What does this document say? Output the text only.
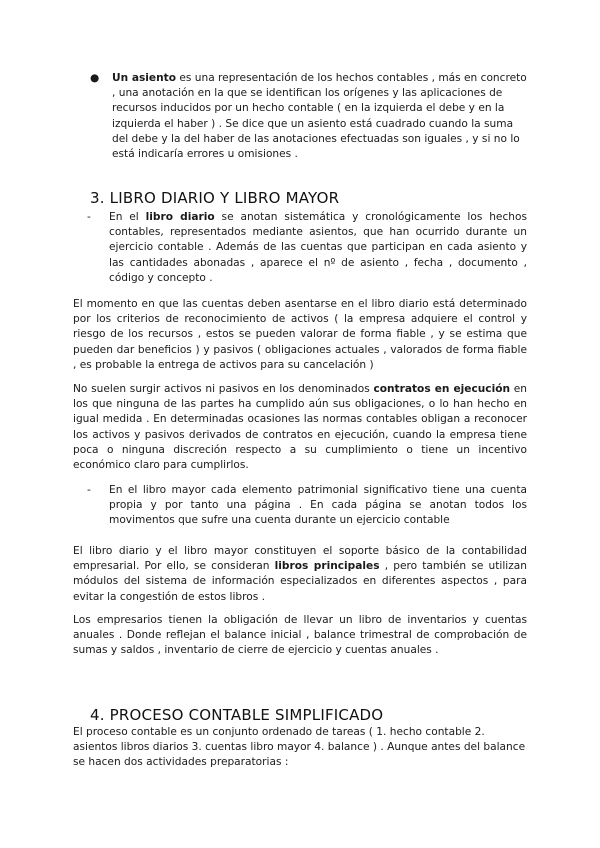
●	Un asiento es una representación de los hechos contables , más en concreto , una anotación en la que se identifican los orígenes y las aplicaciones de recursos inducidos por un hecho contable ( en la izquierda el debe y en la izquierda el haber ) . Se dice que un asiento está cuadrado cuando la suma del debe y la del haber de las anotaciones efectuadas son iguales , y si no lo está indicaría errores u omisiones .
3. LIBRO DIARIO Y LIBRO MAYOR
-	En el libro diario se anotan sistemática y cronológicamente los hechos contables, representados mediante asientos, que han ocurrido durante un ejercicio contable . Además de las cuentas que participan en cada asiento y las cantidades abonadas , aparece el nº de asiento , fecha , documento , código y concepto .

El momento en que las cuentas deben asentarse en el libro diario está determinado por los criterios de reconocimiento de activos ( la empresa adquiere el control y riesgo de los recursos , estos se pueden valorar de forma fiable , y se estima que pueden dar beneficios ) y pasivos ( obligaciones actuales , valorados de forma fiable , es probable la entrega de activos para su cancelación )

No suelen surgir activos ni pasivos en los denominados contratos en ejecución en los que ninguna de las partes ha cumplido aún sus obligaciones, o lo han hecho en igual medida . En determinadas ocasiones las normas contables obligan a reconocer los activos y pasivos derivados de contratos en ejecución, cuando la empresa tiene poca o ninguna discreción respecto a su cumplimiento o tiene un incentivo económico claro para cumplirlos.

-	En el libro mayor cada elemento patrimonial significativo tiene una cuenta propia y por tanto una página . En cada página se anotan todos los movimentos que sufre una cuenta durante un ejercicio contable

El libro diario y el libro mayor constituyen el soporte básico de la contabilidad empresarial. Por ello, se consideran libros principales , pero también se utilizan módulos del sistema de información especializados en diferentes aspectos , para evitar la congestión de estos libros .

Los empresarios tienen la obligación de llevar un libro de inventarios y cuentas anuales . Donde reflejan el balance inicial , balance trimestral de comprobación de sumas y saldos , inventario de cierre de ejercicio y cuentas anuales .

4. PROCESO CONTABLE SIMPLIFICADO

El proceso contable es un conjunto ordenado de tareas ( 1. hecho contable 2. asientos libros diarios 3. cuentas libro mayor 4. balance ) . Aunque antes del balance se hacen dos actividades preparatorias :
